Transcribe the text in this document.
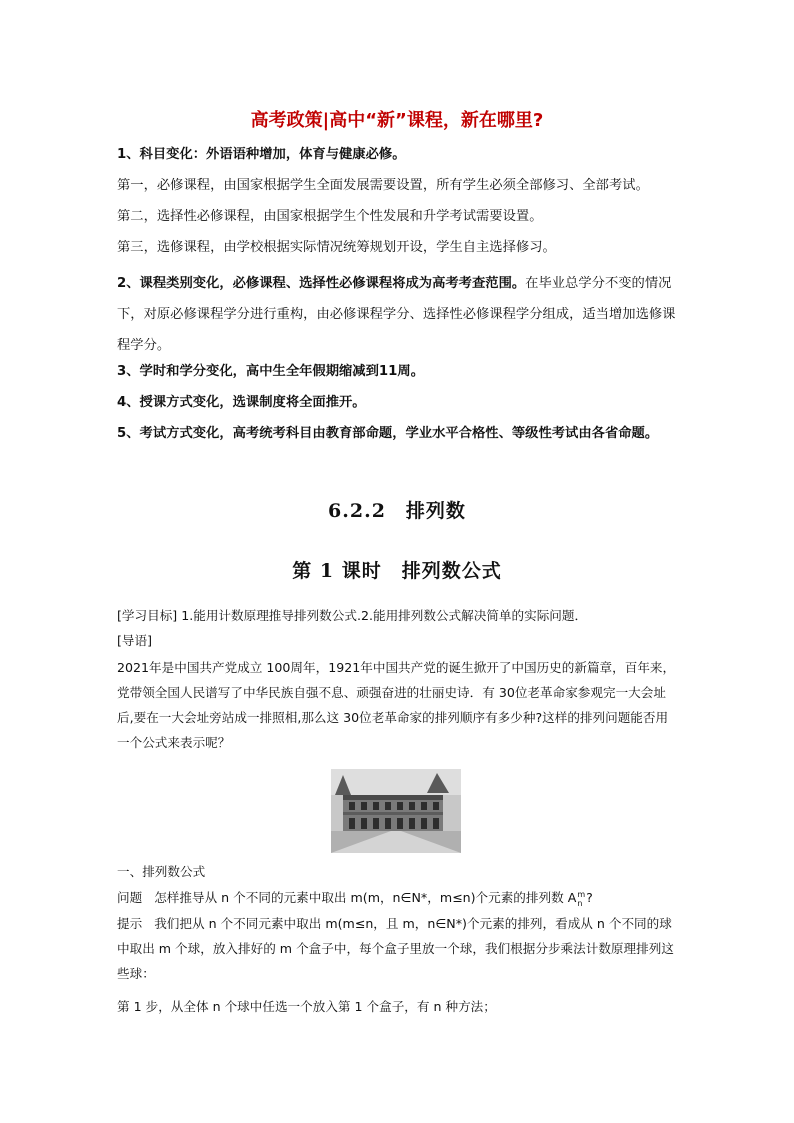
高考政策|高中“新”课程，新在哪里?
1、科目变化：外语语种增加，体育与健康必修。
第一，必修课程，由国家根据学生全面发展需要设置，所有学生必须全部修习、全部考试。
第二，选择性必修课程，由国家根据学生个性发展和升学考试需要设置。
第三，选修课程，由学校根据实际情况统筹规划开设，学生自主选择修习。
2、课程类别变化，必修课程、选择性必修课程将成为高考考查范围。在毕业总学分不变的情况下，对原必修课程学分进行重构，由必修课程学分、选择性必修课程学分组成，适当增加选修课程学分。
3、学时和学分变化，高中生全年假期缩减到11周。
4、授课方式变化，选课制度将全面推开。
5、考试方式变化，高考统考科目由教育部命题，学业水平合格性、等级性考试由各省命题。
6.2.2　排列数
第 1 课时　排列数公式
[学习目标] 1.能用计数原理推导排列数公式.2.能用排列数公式解决简单的实际问题．
[导语]
2021年是中国共产党成立 100周年，1921年中国共产党的诞生掀开了中国历史的新篇章，百年来，党带领全国人民谱写了中华民族自强不息、顽强奋进的壮丽史诗．有 30位老革命家参观完一大会址后,要在一大会址旁站成一排照相,那么这 30位老革命家的排列顺序有多少种?这样的排列问题能否用一个公式来表示呢？
一、排列数公式
问题 怎样推导从 n 个不同的元素中取出 m(m，n∈N*，m≤n)个元素的排列数 A m
n ?
提示 我们把从 n 个不同元素中取出 m(m≤n，且 m，n∈N*)个元素的排列，看成从 n 个不同的球中取出 m 个球，放入排好的 m 个盒子中，每个盒子里放一个球，我们根据分步乘法计数原理排列这些球：
第 1 步，从全体 n 个球中任选一个放入第 1 个盒子，有 n 种方法；
